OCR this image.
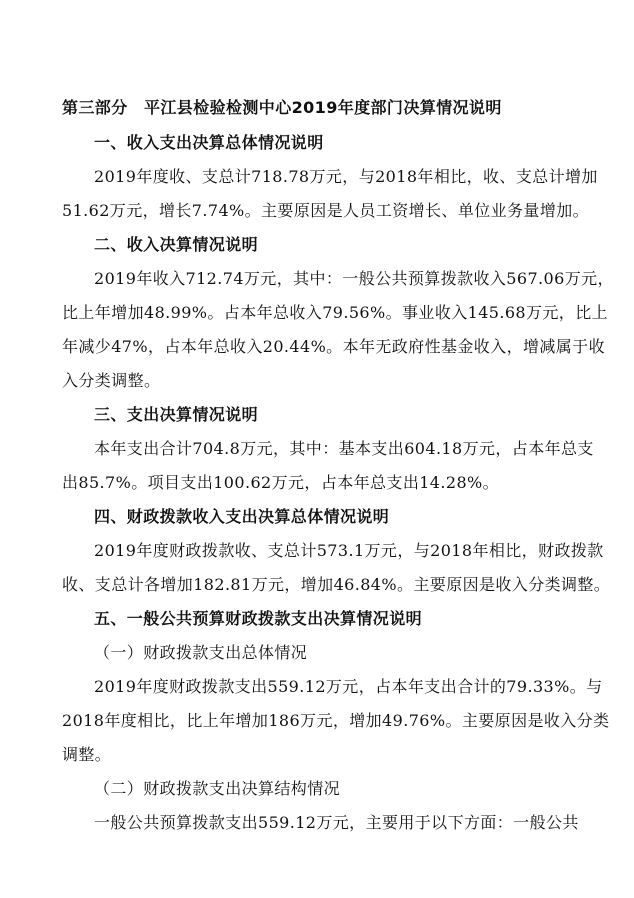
第三部分　平江县检验检测中心2019年度部门决算情况说明
一、收入支出决算总体情况说明
2019年度收、支总计718.78万元，与2018年相比，收、支总计增加
51.62万元，增长7.74%。主要原因是人员工资增长、单位业务量增加。
二、收入决算情况说明
2019年收入712.74万元，其中：一般公共预算拨款收入567.06万元，
比上年增加48.99%。占本年总收入79.56%。事业收入145.68万元，比上
年减少47%，占本年总收入20.44%。本年无政府性基金收入，增减属于收
入分类调整。
三、支出决算情况说明
本年支出合计704.8万元，其中：基本支出604.18万元，占本年总支
出85.7%。项目支出100.62万元，占本年总支出14.28%。
四、财政拨款收入支出决算总体情况说明
2019年度财政拨款收、支总计573.1万元，与2018年相比，财政拨款
收、支总计各增加182.81万元，增加46.84%。主要原因是收入分类调整。
五、一般公共预算财政拨款支出决算情况说明
（一）财政拨款支出总体情况
2019年度财政拨款支出559.12万元，占本年支出合计的79.33%。与
2018年度相比，比上年增加186万元，增加49.76%。主要原因是收入分类
调整。
（二）财政拨款支出决算结构情况
一般公共预算拨款支出559.12万元，主要用于以下方面：一般公共
